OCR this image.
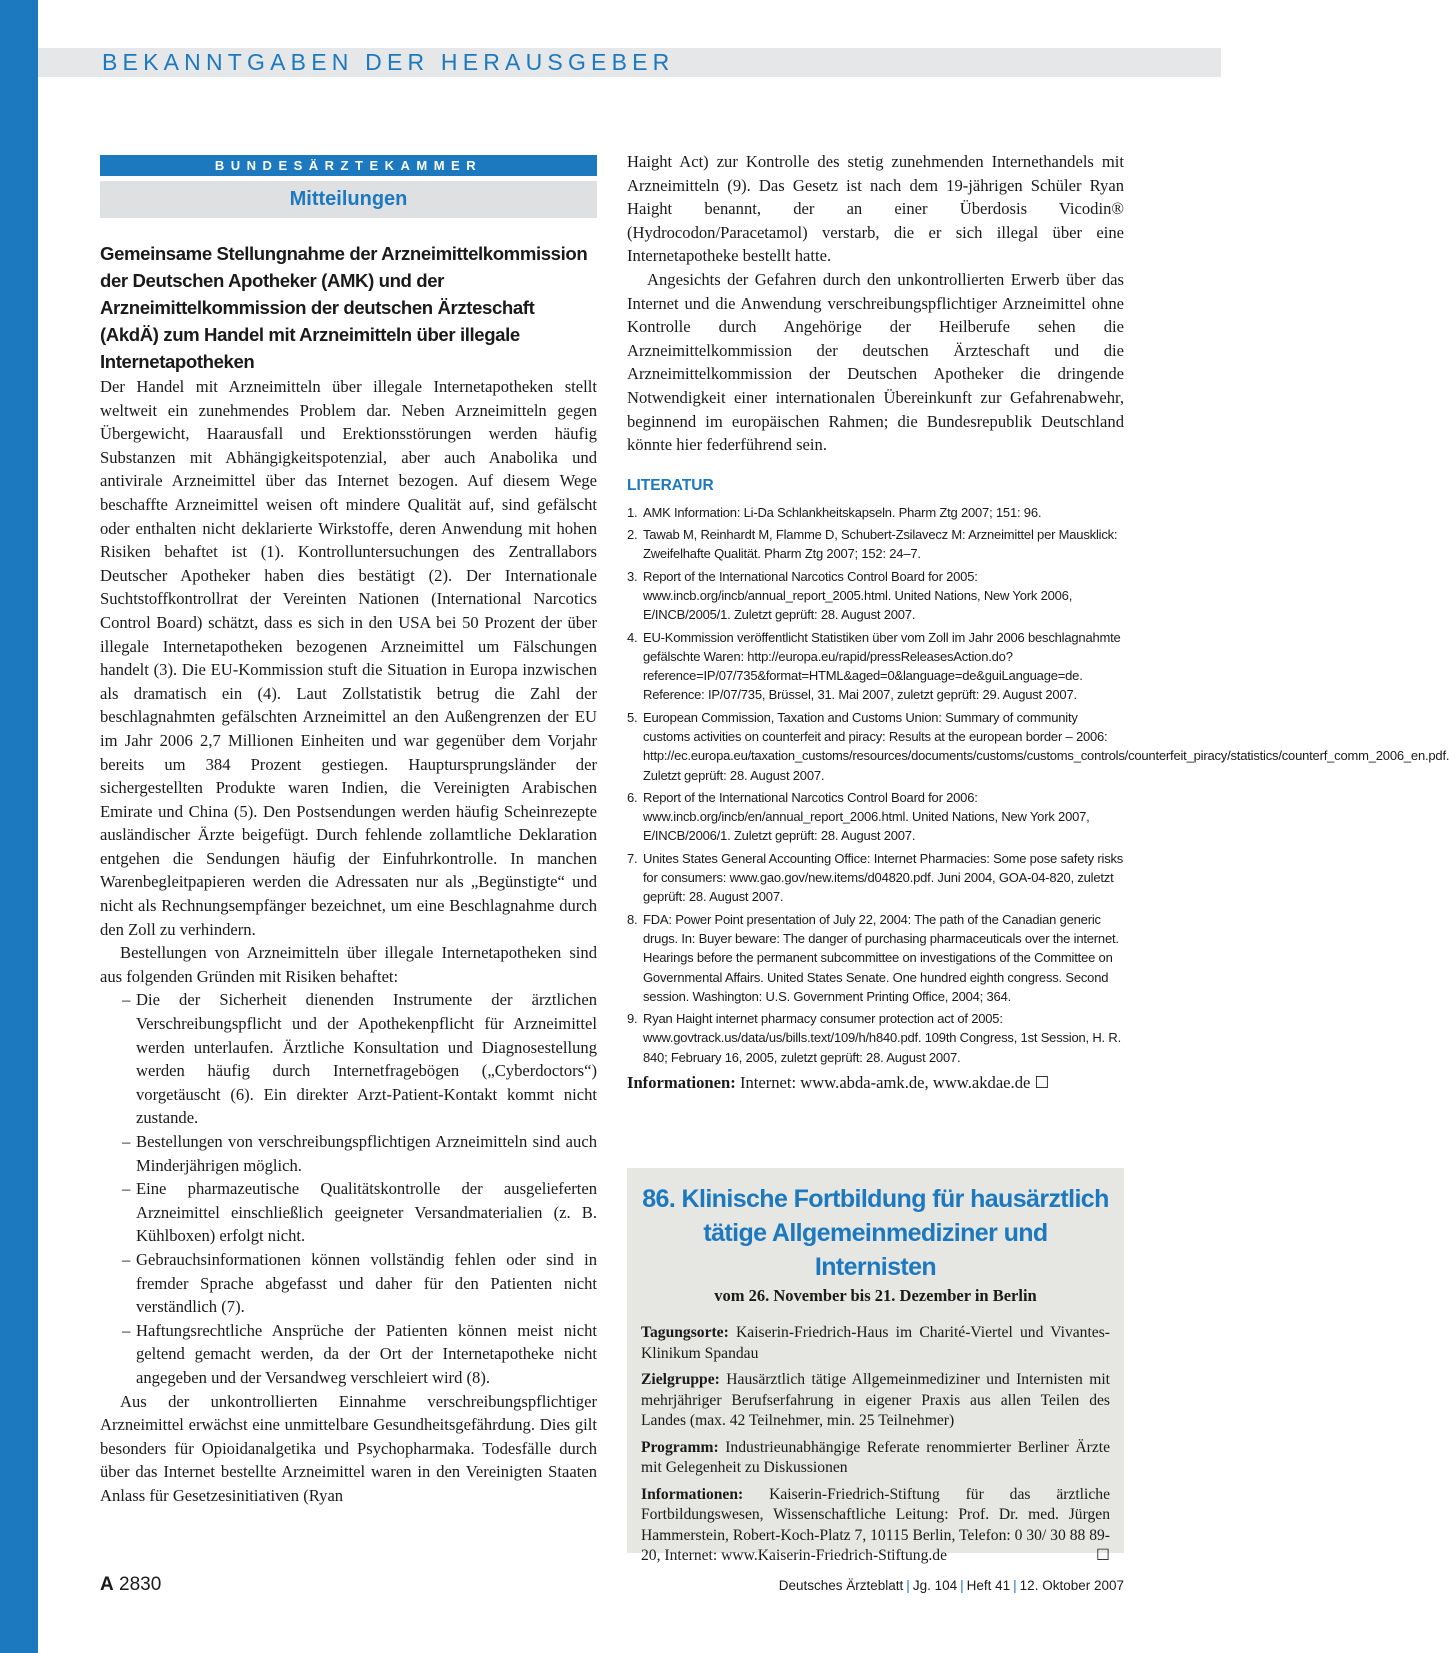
BEKANNTGABEN DER HERAUSGEBER
BUNDESÄRZTEKAMMER
Mitteilungen
Gemeinsame Stellungnahme der Arzneimittelkommission der Deutschen Apotheker (AMK) und der Arzneimittelkommission der deutschen Ärzteschaft (AkdÄ) zum Handel mit Arzneimitteln über illegale Internetapotheken

Der Handel mit Arzneimitteln über illegale Internetapotheken stellt weltweit ein zunehmendes Problem dar. Neben Arzneimitteln gegen Übergewicht, Haarausfall und Erektionsstörungen werden häufig Substanzen mit Abhängigkeitspotenzial, aber auch Anabolika und antivirale Arzneimittel über das Internet bezogen. Auf diesem Wege beschaffte Arzneimittel weisen oft mindere Qualität auf, sind gefälscht oder enthalten nicht deklarierte Wirkstoffe, deren Anwendung mit hohen Risiken behaftet ist (1). Kontrolluntersuchungen des Zentrallabors Deutscher Apotheker haben dies bestätigt (2). Der Internationale Suchtstoffkontrollrat der Vereinten Nationen (International Narcotics Control Board) schätzt, dass es sich in den USA bei 50 Prozent der über illegale Internetapotheken bezogenen Arzneimittel um Fälschungen handelt (3). Die EU-Kommission stuft die Situation in Europa inzwischen als dramatisch ein (4). Laut Zollstatistik betrug die Zahl der beschlagnahmten gefälschten Arzneimittel an den Außengrenzen der EU im Jahr 2006 2,7 Millionen Einheiten und war gegenüber dem Vorjahr bereits um 384 Prozent gestiegen. Hauptursprungsländer der sichergestellten Produkte waren Indien, die Vereinigten Arabischen Emirate und China (5). Den Postsendungen werden häufig Scheinrezepte ausländischer Ärzte beigefügt. Durch fehlende zollamtliche Deklaration entgehen die Sendungen häufig der Einfuhrkontrolle. In manchen Warenbegleitpapieren werden die Adressaten nur als „Begünstigte“ und nicht als Rechnungsempfänger bezeichnet, um eine Beschlagnahme durch den Zoll zu verhindern.

Bestellungen von Arzneimitteln über illegale Internetapotheken sind aus folgenden Gründen mit Risiken behaftet:

– Die der Sicherheit dienenden Instrumente der ärztlichen Verschreibungspflicht und der Apothekenpflicht für Arzneimittel werden unterlaufen. Ärztliche Konsultation und Diagnosestellung werden häufig durch Internetfragebögen („Cyberdoctors“) vorgetäuscht (6). Ein direkter Arzt-Patient-Kontakt kommt nicht zustande.
– Bestellungen von verschreibungspflichtigen Arzneimitteln sind auch Minderjährigen möglich.
– Eine pharmazeutische Qualitätskontrolle der ausgelieferten Arzneimittel einschließlich geeigneter Versandmaterialien (z. B. Kühlboxen) erfolgt nicht.
– Gebrauchsinformationen können vollständig fehlen oder sind in fremder Sprache abgefasst und daher für den Patienten nicht verständlich (7).
– Haftungsrechtliche Ansprüche der Patienten können meist nicht geltend gemacht werden, da der Ort der Internetapotheke nicht angegeben und der Versandweg verschleiert wird (8).

Aus der unkontrollierten Einnahme verschreibungspflichtiger Arzneimittel erwächst eine unmittelbare Gesundheitsgefährdung. Dies gilt besonders für Opioidanalgetika und Psychopharmaka. Todesfälle durch über das Internet bestellte Arzneimittel waren in den Vereinigten Staaten Anlass für Gesetzesinitiativen (Ryan

Haight Act) zur Kontrolle des stetig zunehmenden Internethandels mit Arzneimitteln (9). Das Gesetz ist nach dem 19-jährigen Schüler Ryan Haight benannt, der an einer Überdosis Vicodin® (Hydrocodon/Paracetamol) verstarb, die er sich illegal über eine Internetapotheke bestellt hatte.

Angesichts der Gefahren durch den unkontrollierten Erwerb über das Internet und die Anwendung verschreibungspflichtiger Arzneimittel ohne Kontrolle durch Angehörige der Heilberufe sehen die Arzneimittelkommission der deutschen Ärzteschaft und die Arzneimittelkommission der Deutschen Apotheker die dringende Notwendigkeit einer internationalen Übereinkunft zur Gefahrenabwehr, beginnend im europäischen Rahmen; die Bundesrepublik Deutschland könnte hier federführend sein.

LITERATUR
1. AMK Information: Li-Da Schlankheitskapseln. Pharm Ztg 2007; 151: 96.
2. Tawab M, Reinhardt M, Flamme D, Schubert-Zsilavecz M: Arzneimittel per Mausklick: Zweifelhafte Qualität. Pharm Ztg 2007; 152: 24–7.
3. Report of the International Narcotics Control Board for 2005: www.incb.org/incb/annual_report_2005.html. United Nations, New York 2006, E/INCB/2005/1. Zuletzt geprüft: 28. August 2007.
4. EU-Kommission veröffentlicht Statistiken über vom Zoll im Jahr 2006 beschlagnahmte gefälschte Waren: http://europa.eu/rapid/pressReleasesAction.do?reference=IP/07/735&format=HTML&aged=0&language=de&guiLanguage=de. Reference: IP/07/735, Brüssel, 31. Mai 2007, zuletzt geprüft: 29. August 2007.
5. European Commission, Taxation and Customs Union: Summary of community customs activities on counterfeit and piracy: Results at the european border – 2006: http://ec.europa.eu/taxation_customs/resources/documents/customs/customs_controls/counterfeit_piracy/statistics/counterf_comm_2006_en.pdf. Zuletzt geprüft: 28. August 2007.
6. Report of the International Narcotics Control Board for 2006: www.incb.org/incb/en/annual_report_2006.html. United Nations, New York 2007, E/INCB/2006/1. Zuletzt geprüft: 28. August 2007.
7. Unites States General Accounting Office: Internet Pharmacies: Some pose safety risks for consumers: www.gao.gov/new.items/d04820.pdf. Juni 2004, GOA-04-820, zuletzt geprüft: 28. August 2007.
8. FDA: Power Point presentation of July 22, 2004: The path of the Canadian generic drugs. In: Buyer beware: The danger of purchasing pharmaceuticals over the internet. Hearings before the permanent subcommittee on investigations of the Committee on Governmental Affairs. United States Senate. One hundred eighth congress. Second session. Washington: U.S. Government Printing Office, 2004; 364.
9. Ryan Haight internet pharmacy consumer protection act of 2005: www.govtrack.us/data/us/bills.text/109/h/h840.pdf. 109th Congress, 1st Session, H. R. 840; February 16, 2005, zuletzt geprüft: 28. August 2007.
Informationen: Internet: www.abda-amk.de, www.akdae.de ☐
86. Klinische Fortbildung für hausärztlich tätige Allgemeinmediziner und Internisten
vom 26. November bis 21. Dezember in Berlin

Tagungsorte: Kaiserin-Friedrich-Haus im Charité-Viertel und Vivantes-Klinikum Spandau

Zielgruppe: Hausärztlich tätige Allgemeinmediziner und Internisten mit mehrjähriger Berufserfahrung in eigener Praxis aus allen Teilen des Landes (max. 42 Teilnehmer, min. 25 Teilnehmer)

Programm: Industrieunabhängige Referate renommierter Berliner Ärzte mit Gelegenheit zu Diskussionen

Informationen: Kaiserin-Friedrich-Stiftung für das ärztliche Fortbildungswesen, Wissenschaftliche Leitung: Prof. Dr. med. Jürgen Hammerstein, Robert-Koch-Platz 7, 10115 Berlin, Telefon: 0 30/ 30 88 89-20, Internet: www.Kaiserin-Friedrich-Stiftung.de	☐

A 2830	Deutsches Ärzteblatt | Jg. 104 | Heft 41 | 12. Oktober 2007
